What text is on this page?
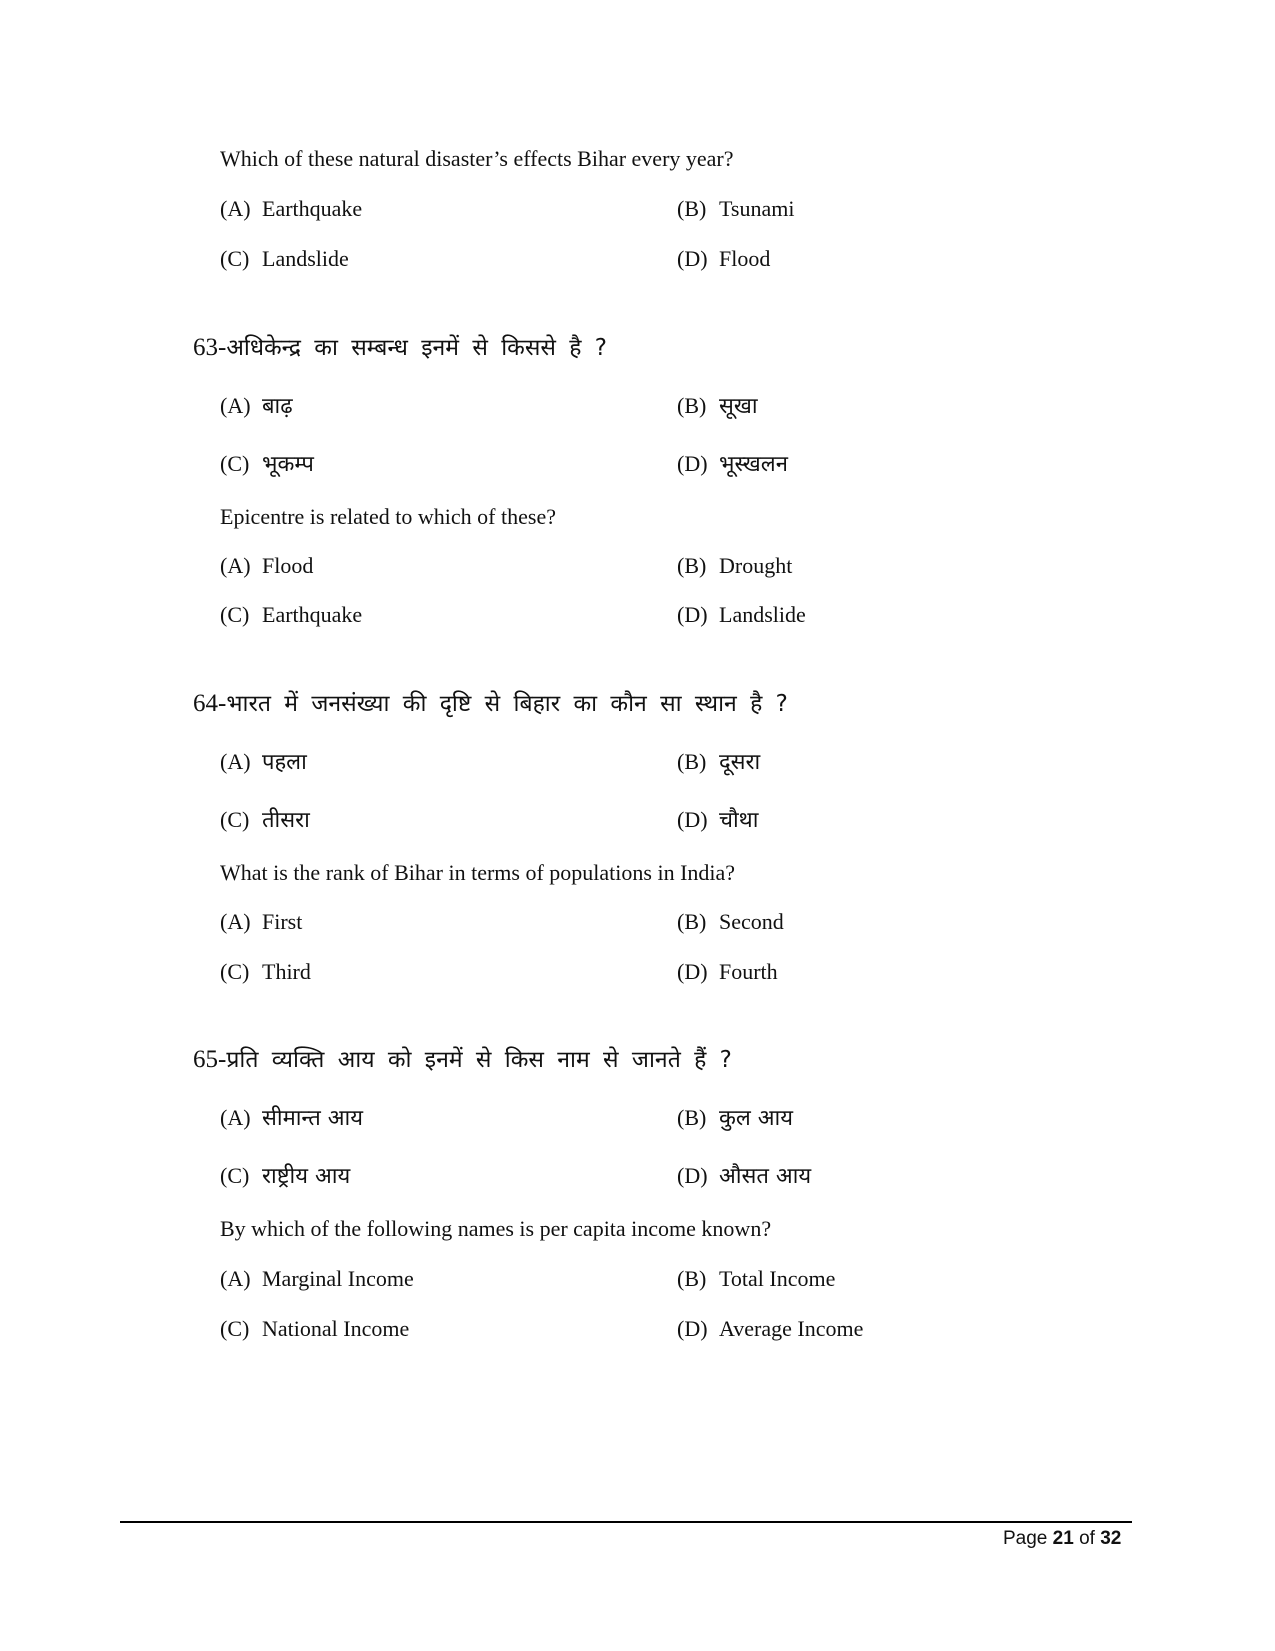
Which of these natural disaster’s effects Bihar every year?
(A) Earthquake	(B) Tsunami
(C) Landslide	(D) Flood
63-अधिकेन्द्र का सम्बन्ध इनमें से किससे है ?
(A) बाढ़	(B) सूखा
(C) भूकम्प	(D) भूस्खलन
Epicentre is related to which of these?
(A) Flood	(B) Drought
(C) Earthquake	(D) Landslide
64-भारत में जनसंख्या की दृष्टि से बिहार का कौन सा स्थान है ?
(A) पहला	(B) दूसरा
(C) तीसरा	(D) चौथा
What is the rank of Bihar in terms of populations in India?
(A) First	(B) Second
(C) Third	(D) Fourth
65-प्रति व्यक्ति आय को इनमें से किस नाम से जानते हैं ?
(A) सीमान्त आय	(B) कुल आय
(C) राष्ट्रीय आय	(D) औसत आय
By which of the following names is per capita income known?
(A) Marginal Income	(B) Total Income
(C) National Income	(D) Average Income
Page 21 of 32
